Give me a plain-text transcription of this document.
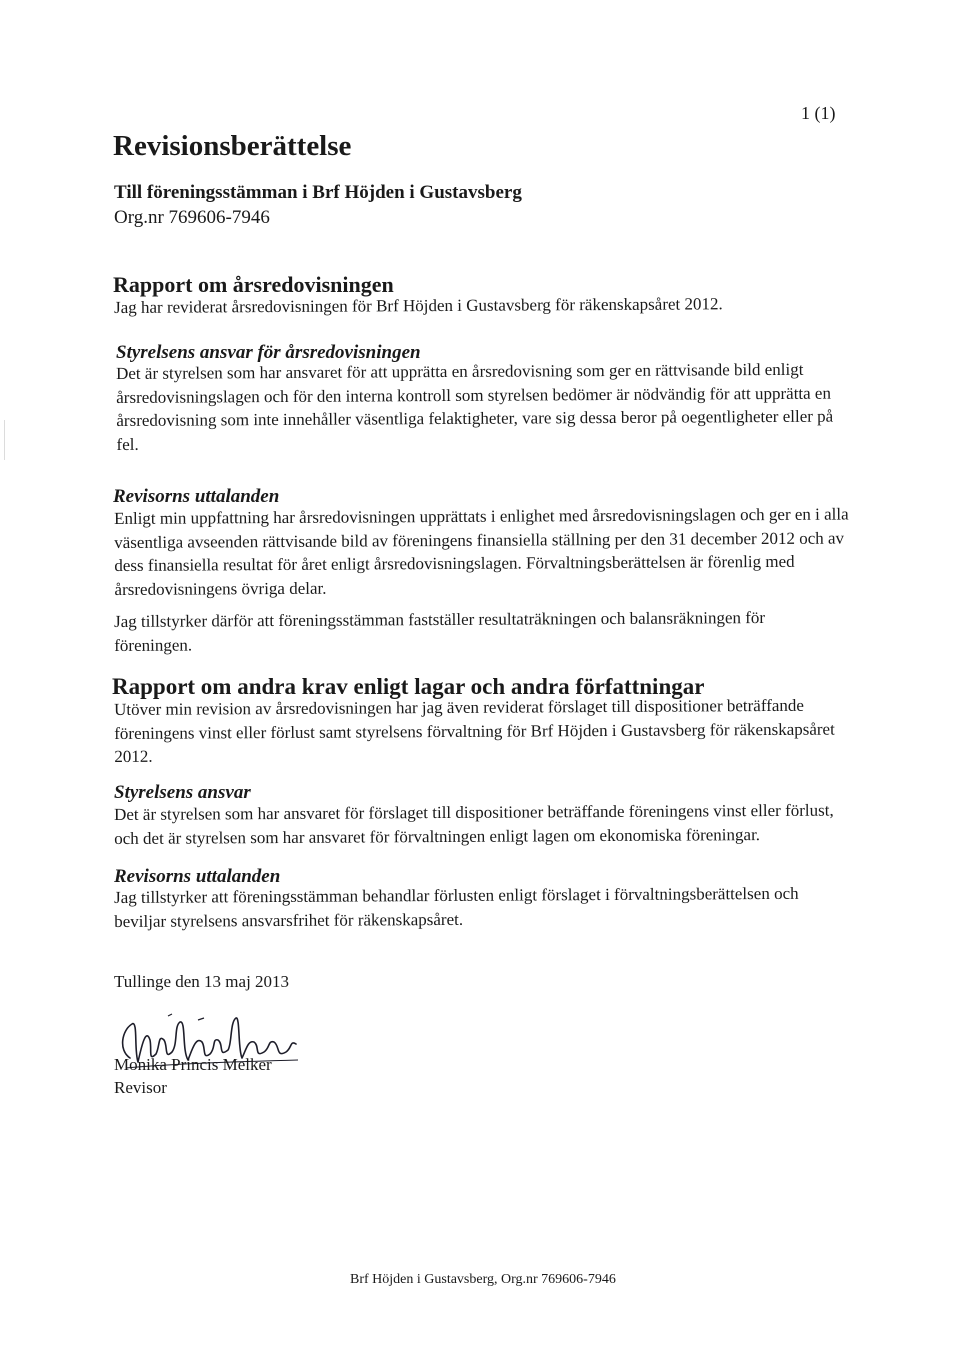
1 (1)
Revisionsberättelse
Till föreningsstämman i Brf Höjden i Gustavsberg
Org.nr 769606-7946
Rapport om årsredovisningen

Jag har reviderat årsredovisningen för Brf Höjden i Gustavsberg för räkenskapsåret 2012.

Styrelsens ansvar för årsredovisningen

Det är styrelsen som har ansvaret för att upprätta en årsredovisning som ger en rättvisande bild enligt årsredovisningslagen och för den interna kontroll som styrelsen bedömer är nödvändig för att upprätta en årsredovisning som inte innehåller väsentliga felaktigheter, vare sig dessa beror på oegentligheter eller på fel.

Revisorns uttalanden

Enligt min uppfattning har årsredovisningen upprättats i enlighet med årsredovisningslagen och ger en i alla väsentliga avseenden rättvisande bild av föreningens finansiella ställning per den 31 december 2012 och av dess finansiella resultat för året enligt årsredovisningslagen. Förvaltningsberättelsen är förenlig med årsredovisningens övriga delar.

Jag tillstyrker därför att föreningsstämman fastställer resultaträkningen och balansräkningen för föreningen.

Rapport om andra krav enligt lagar och andra författningar

Utöver min revision av årsredovisningen har jag även reviderat förslaget till dispositioner beträffande föreningens vinst eller förlust samt styrelsens förvaltning för Brf Höjden i Gustavsberg för räkenskapsåret 2012.

Styrelsens ansvar

Det är styrelsen som har ansvaret för förslaget till dispositioner beträffande föreningens vinst eller förlust, och det är styrelsen som har ansvaret för förvaltningen enligt lagen om ekonomiska föreningar.

Revisorns uttalanden

Jag tillstyrker att föreningsstämman behandlar förlusten enligt förslaget i förvaltningsberättelsen och beviljar styrelsens ansvarsfrihet för räkenskapsåret.

Tullinge den 13 maj 2013
Monika Princis Melker
Revisor
Brf Höjden i Gustavsberg, Org.nr 769606-7946
